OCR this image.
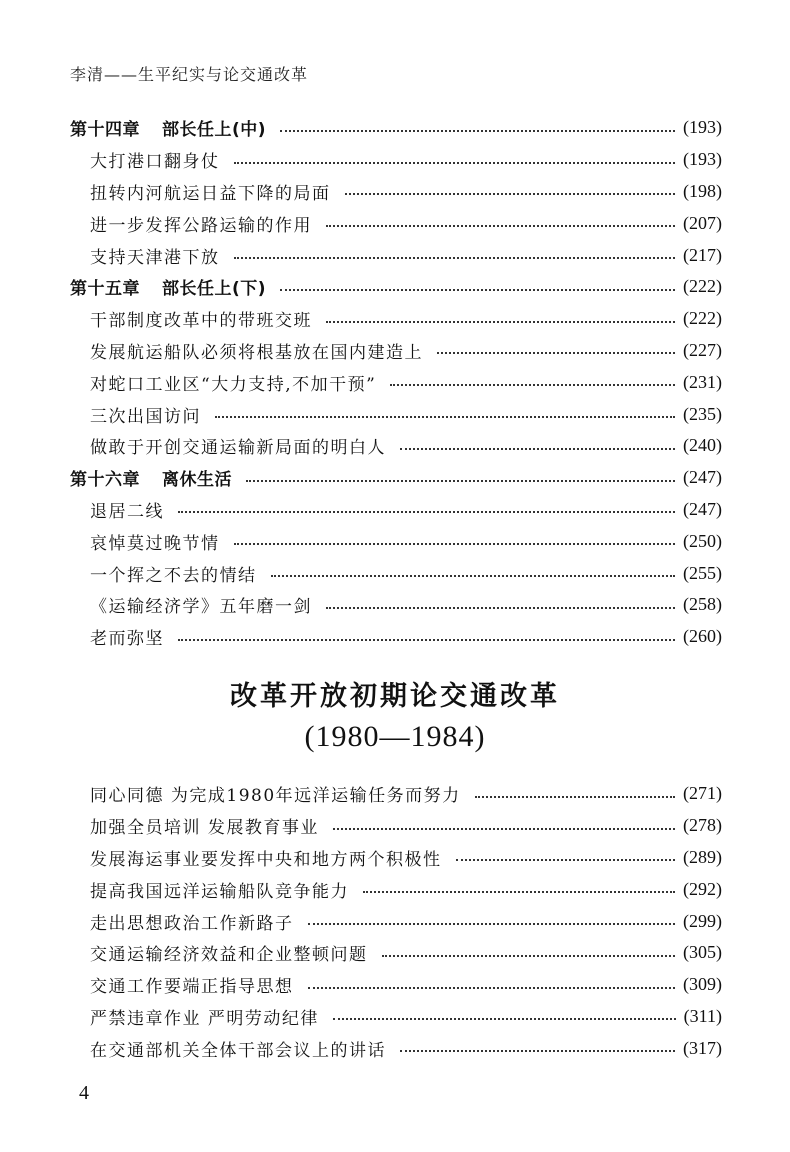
李清——生平纪实与论交通改革
第十四章 部长任上(中)	(193)
大打港口翻身仗	(193)
扭转内河航运日益下降的局面	(198)
进一步发挥公路运输的作用	(207)
支持天津港下放	(217)
第十五章 部长任上(下)	(222)
干部制度改革中的带班交班	(222)
发展航运船队必须将根基放在国内建造上	(227)
对蛇口工业区“大力支持,不加干预”	(231)
三次出国访问	(235)
做敢于开创交通运输新局面的明白人	(240)
第十六章 离休生活	(247)
退居二线	(247)
哀悼莫过晚节情	(250)
一个挥之不去的情结	(255)
《运输经济学》五年磨一剑	(258)
老而弥坚	(260)
改革开放初期论交通改革
(1980—1984)
同心同德 为完成1980年远洋运输任务而努力	(271)
加强全员培训 发展教育事业	(278)
发展海运事业要发挥中央和地方两个积极性	(289)
提高我国远洋运输船队竞争能力	(292)
走出思想政治工作新路子	(299)
交通运输经济效益和企业整顿问题	(305)
交通工作要端正指导思想	(309)
严禁违章作业 严明劳动纪律	(311)
在交通部机关全体干部会议上的讲话	(317)
4
